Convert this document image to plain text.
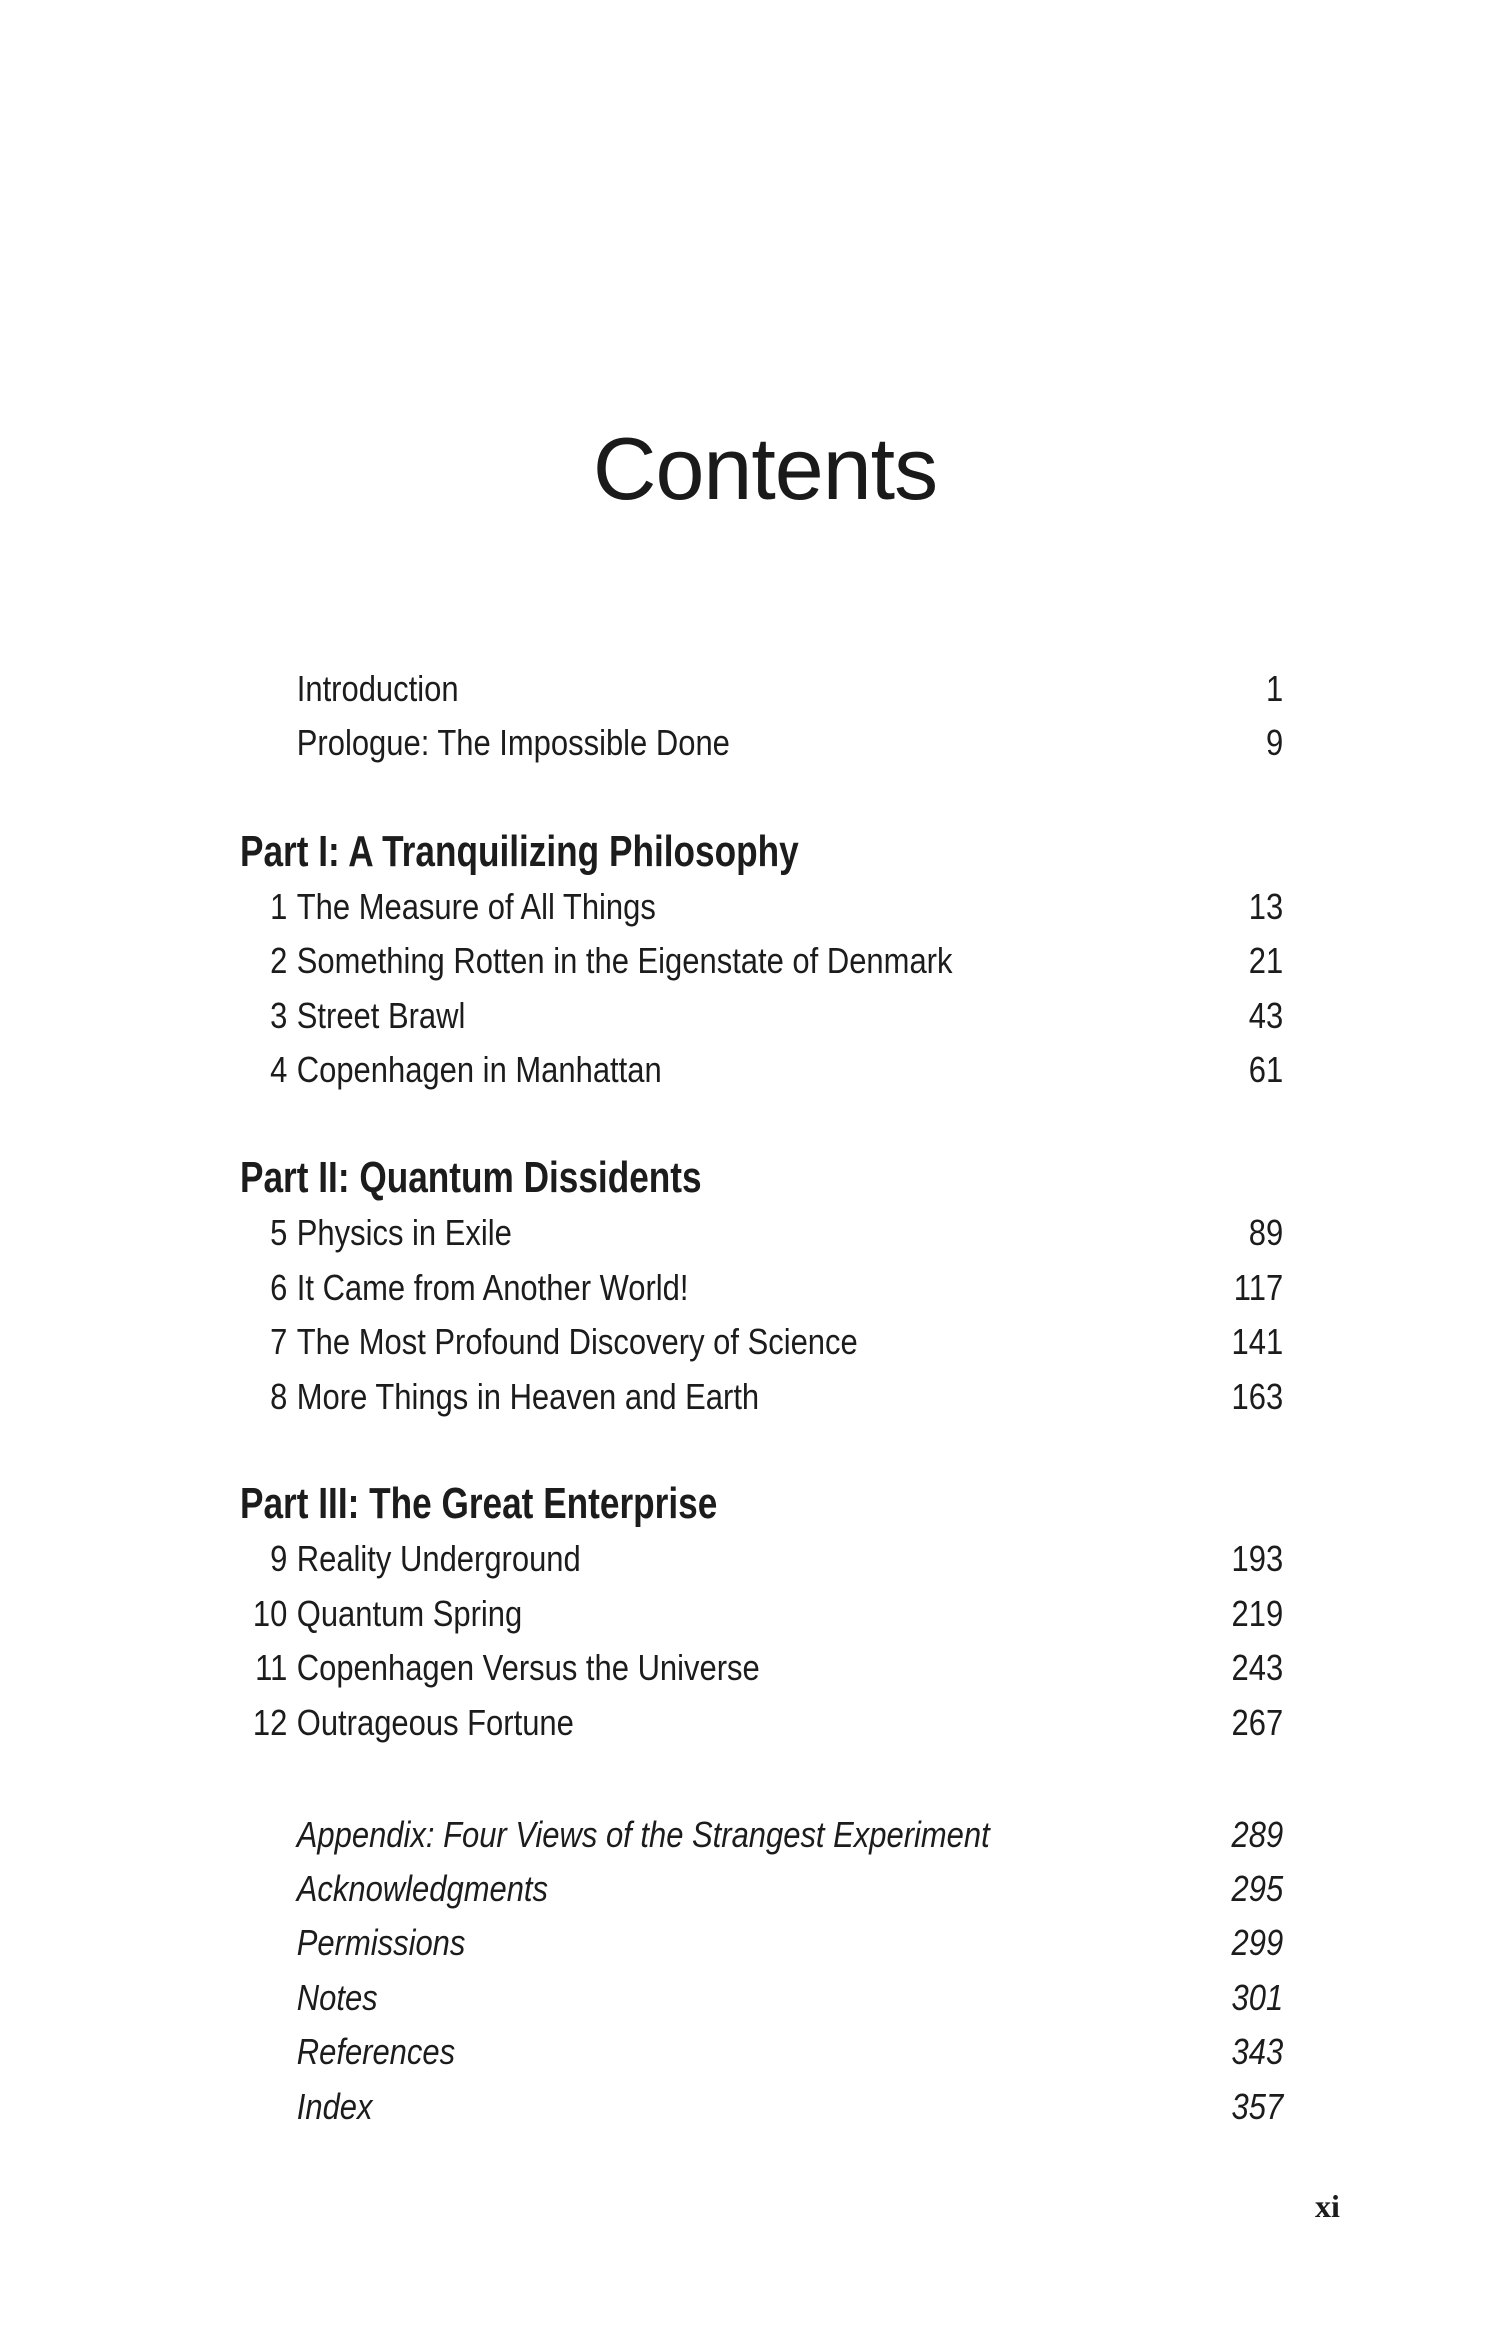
Contents
Introduction	1
Prologue: The Impossible Done	9
Part I: A Tranquilizing Philosophy
1 The Measure of All Things	13
2 Something Rotten in the Eigenstate of Denmark	21
3 Street Brawl	43
4 Copenhagen in Manhattan	61
Part II: Quantum Dissidents
5 Physics in Exile	89
6 It Came from Another World!	117
7 The Most Profound Discovery of Science	141
8 More Things in Heaven and Earth	163
Part III: The Great Enterprise
9 Reality Underground	193
10 Quantum Spring	219
11 Copenhagen Versus the Universe	243
12 Outrageous Fortune	267
Appendix: Four Views of the Strangest Experiment	289
Acknowledgments	295
Permissions	299
Notes	301
References	343
Index	357
xi
